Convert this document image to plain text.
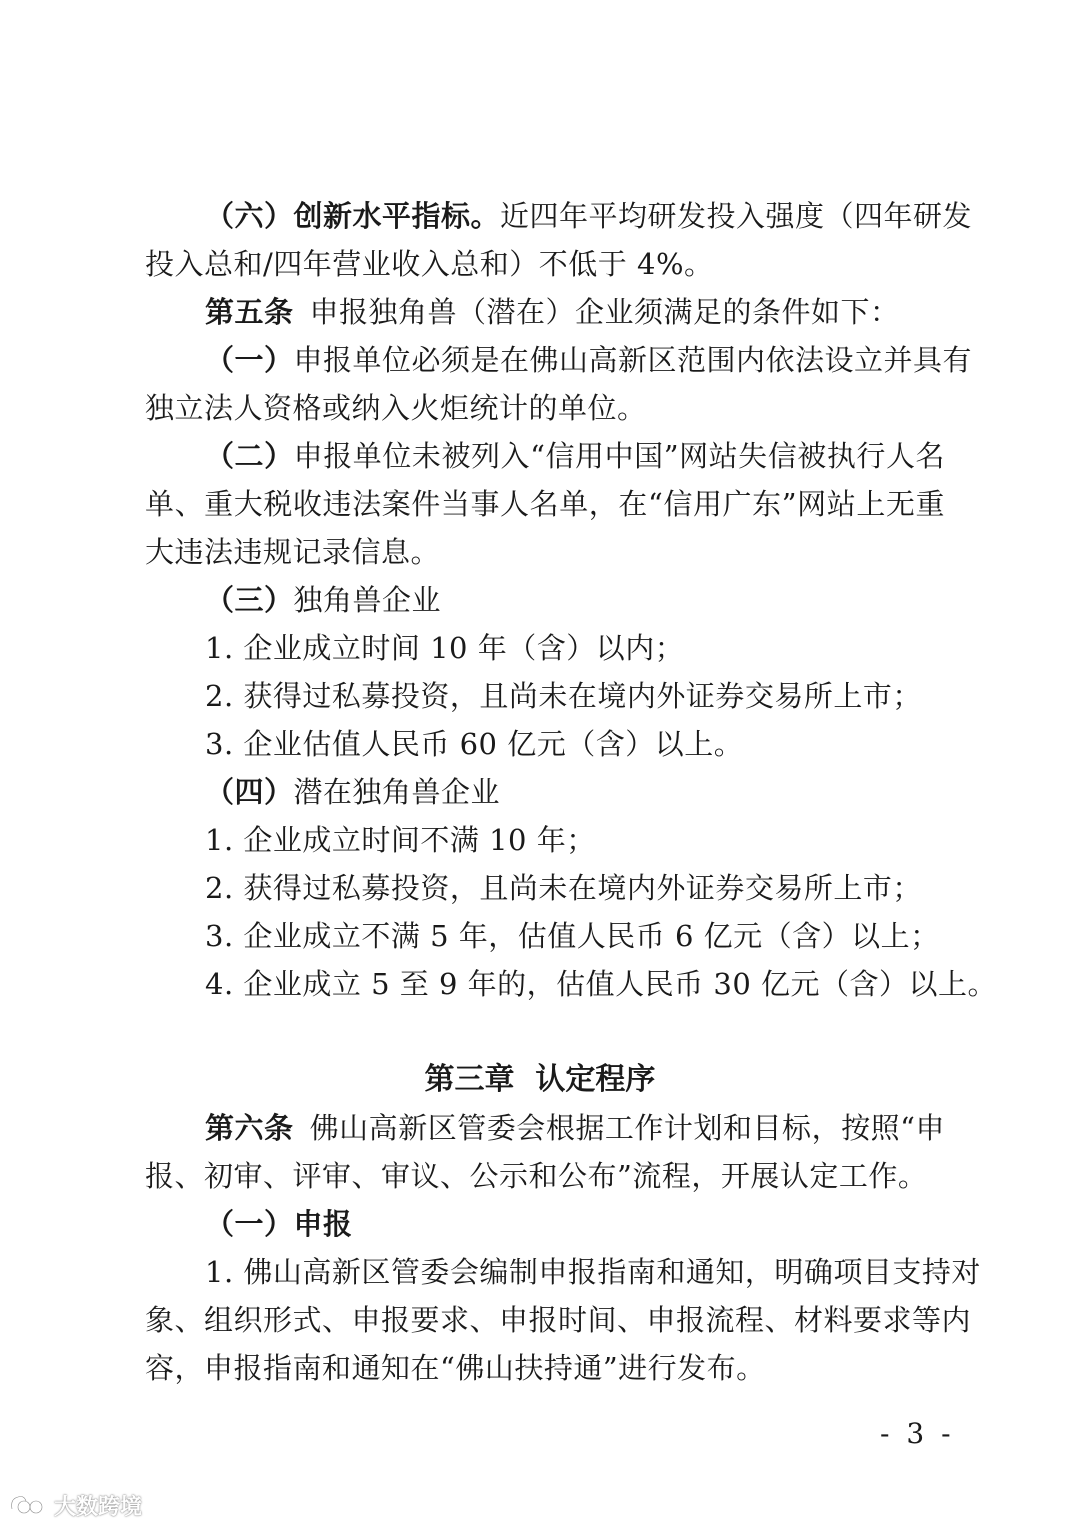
（六）创新水平指标。近四年平均研发投入强度（四年研发
投入总和/四年营业收入总和）不低于 4%。
第五条 申报独角兽（潜在）企业须满足的条件如下：
（一）申报单位必须是在佛山高新区范围内依法设立并具有
独立法人资格或纳入火炬统计的单位。
（二）申报单位未被列入“信用中国”网站失信被执行人名
单、重大税收违法案件当事人名单，在“信用广东”网站上无重
大违法违规记录信息。
（三）独角兽企业
1. 企业成立时间 10 年（含）以内；
2. 获得过私募投资，且尚未在境内外证券交易所上市；
3. 企业估值人民币 60 亿元（含）以上。
（四）潜在独角兽企业
1. 企业成立时间不满 10 年；
2. 获得过私募投资，且尚未在境内外证券交易所上市；
3. 企业成立不满 5 年，估值人民币 6 亿元（含）以上；
4. 企业成立 5 至 9 年的，估值人民币 30 亿元（含）以上。
第三章  认定程序
第六条 佛山高新区管委会根据工作计划和目标，按照“申
报、初审、评审、审议、公示和公布”流程，开展认定工作。
（一）申报
1. 佛山高新区管委会编制申报指南和通知，明确项目支持对
象、组织形式、申报要求、申报时间、申报流程、材料要求等内
容，申报指南和通知在“佛山扶持通”进行发布。
- 3 -
大数跨境
